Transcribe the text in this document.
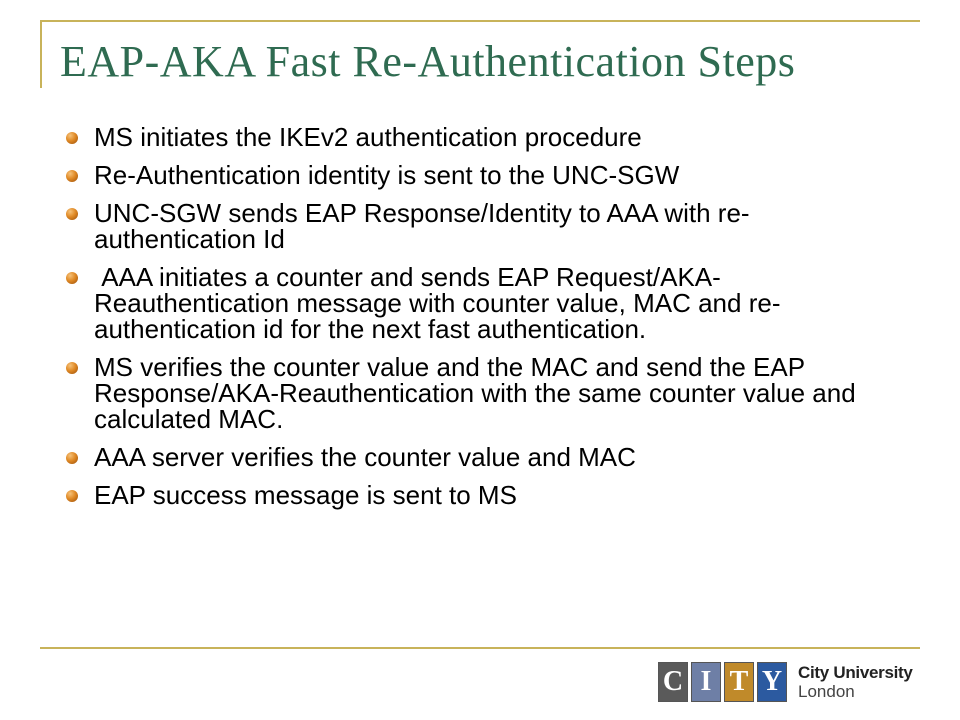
EAP-AKA Fast Re-Authentication Steps
MS initiates the IKEv2 authentication procedure
Re-Authentication identity is sent to the UNC-SGW
UNC-SGW sends EAP Response/Identity to AAA with re-authentication Id
AAA initiates a counter and sends EAP Request/AKA-Reauthentication message with counter value, MAC and re-authentication id for the next fast authentication.
MS verifies the counter value and the MAC and send the EAP Response/AKA-Reauthentication with the same counter value and calculated MAC.
AAA server verifies the counter value and MAC
EAP success message is sent to MS
C I T Y City University
London
